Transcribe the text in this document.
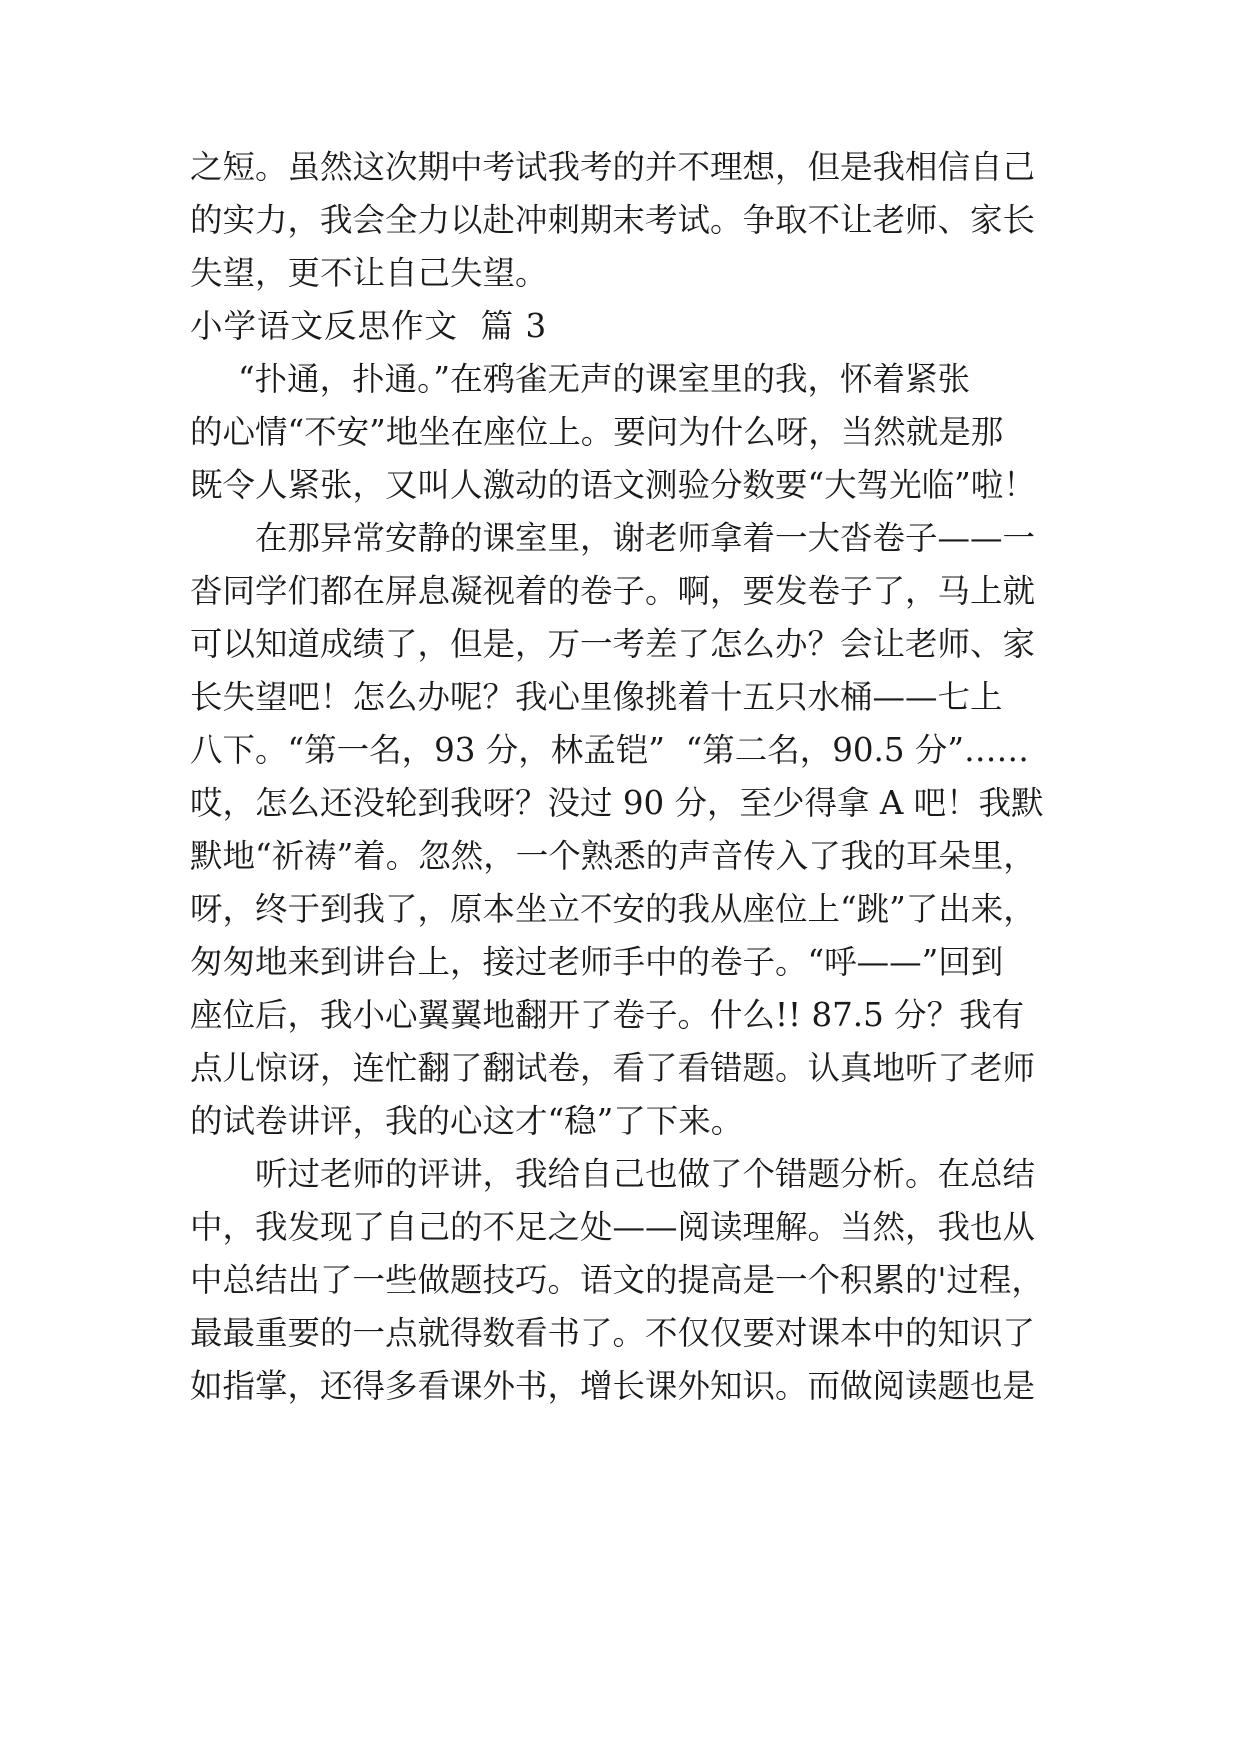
之短。虽然这次期中考试我考的并不理想，但是我相信自己

的实力，我会全力以赴冲刺期末考试。争取不让老师、家长

失望，更不让自己失望。

小学语文反思作文  篇 3

“扑通，扑通。”在鸦雀无声的课室里的我，怀着紧张

的心情“不安”地坐在座位上。要问为什么呀，当然就是那

既令人紧张，又叫人激动的语文测验分数要“大驾光临”啦！

在那异常安静的课室里，谢老师拿着一大沓卷子——一

沓同学们都在屏息凝视着的卷子。啊，要发卷子了，马上就

可以知道成绩了，但是，万一考差了怎么办？会让老师、家

长失望吧！怎么办呢？我心里像挑着十五只水桶——七上

八下。“第一名，93 分，林孟铠”  “第二名，90.5 分”……

哎，怎么还没轮到我呀？没过 90 分，至少得拿 A 吧！我默

默地“祈祷”着。忽然，一个熟悉的声音传入了我的耳朵里，

呀，终于到我了，原本坐立不安的我从座位上“跳”了出来，

匆匆地来到讲台上，接过老师手中的卷子。“呼——”回到

座位后，我小心翼翼地翻开了卷子。什么!! 87.5 分？我有

点儿惊讶，连忙翻了翻试卷，看了看错题。认真地听了老师

的试卷讲评，我的心这才“稳”了下来。

听过老师的评讲，我给自己也做了个错题分析。在总结

中，我发现了自己的不足之处——阅读理解。当然，我也从

中总结出了一些做题技巧。语文的提高是一个积累的'过程，

最最重要的一点就得数看书了。不仅仅要对课本中的知识了

如指掌，还得多看课外书，增长课外知识。而做阅读题也是
